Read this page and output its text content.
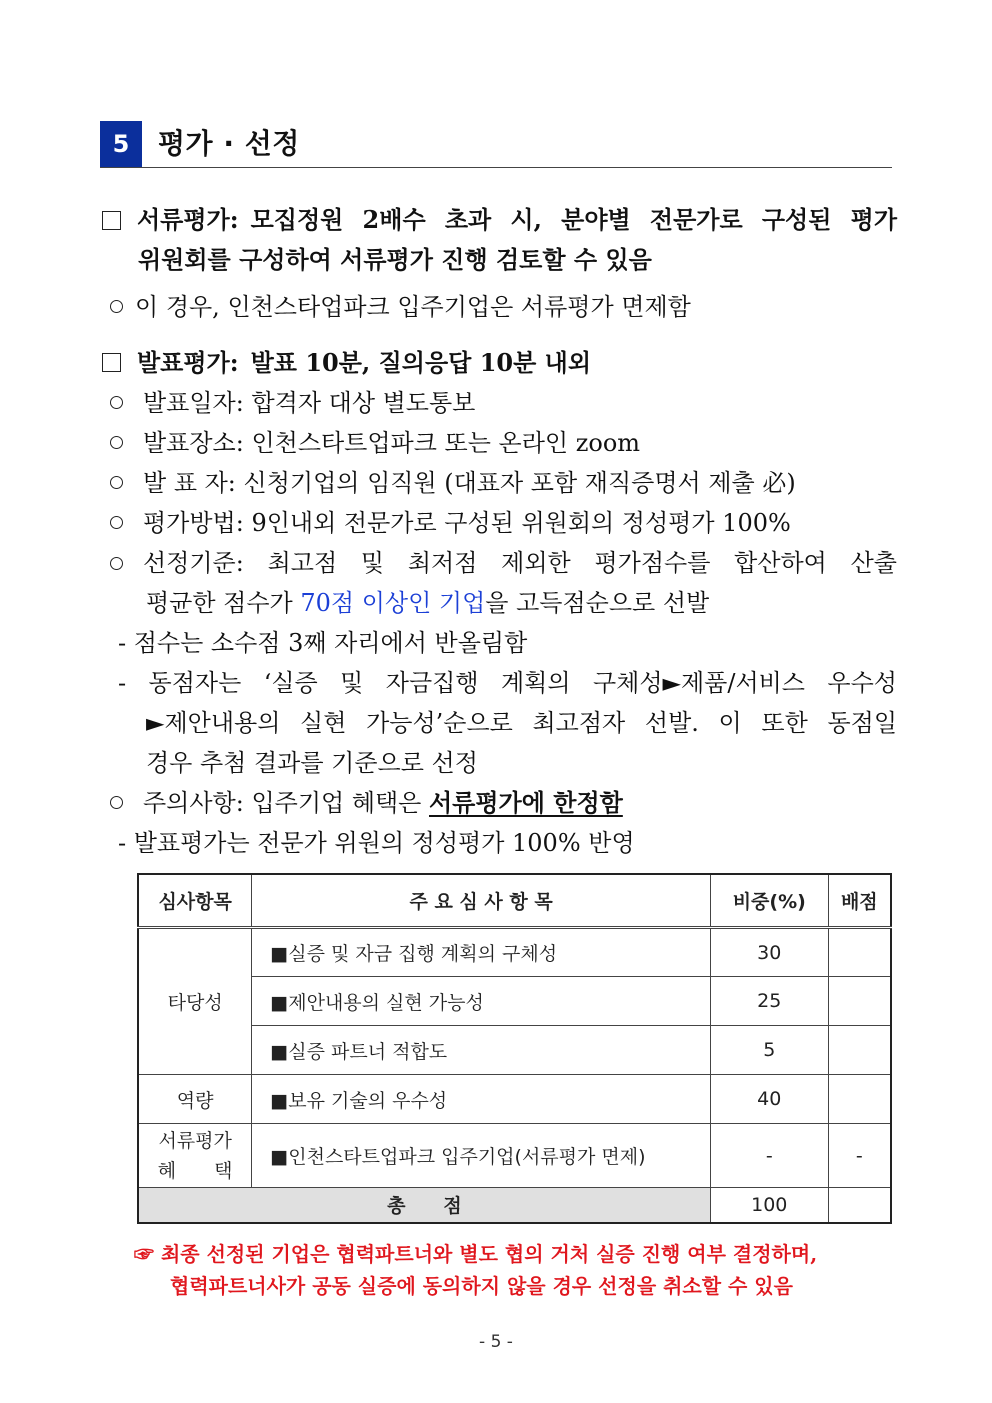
5	평가 · 선정
서류평가: 모집정원 2배수 초과 시, 분야별 전문가로 구성된 평가
위원회를 구성하여 서류평가 진행 검토할 수 있음
이 경우, 인천스타업파크 입주기업은 서류평가 면제함
발표평가: 발표 10분, 질의응답 10분 내외
발표일자: 합격자 대상 별도통보
발표장소: 인천스타트업파크 또는 온라인 zoom
발 표 자: 신청기업의 임직원 (대표자 포함 재직증명서 제출 必)
평가방법: 9인내외 전문가로 구성된 위원회의 정성평가 100%
선정기준: 최고점 및 최저점 제외한 평가점수를 합산하여 산출
평균한 점수가 70점 이상인 기업을 고득점순으로 선발
- 점수는 소수점 3째 자리에서 반올림함
- 동점자는 ‘실증 및 자금집행 계획의 구체성►제품/서비스 우수성
►제안내용의 실현 가능성’순으로 최고점자 선발. 이 또한 동점일
경우 추첨 결과를 기준으로 선정
주의사항: 입주기업 혜택은 서류평가에 한정함
- 발표평가는 전문가 위원의 정성평가 100% 반영
심사항목	주 요 심 사 항 목	비중(%)	배점
타당성	■실증 및 자금 집행 계획의 구체성	30	
	■제안내용의 실현 가능성	25	
	■실증 파트너 적합도	5	
역량	■보유 기술의 우수성	40	

서류평가
혜　　택	■인천스타트업파크 입주기업(서류평가 면제)	-	-
총　　점		100	
☞ 최종 선정된 기업은 협력파트너와 별도 협의 거처 실증 진행 여부 결정하며,
협력파트너사가 공동 실증에 동의하지 않을 경우 선정을 취소할 수 있음
- 5 -
